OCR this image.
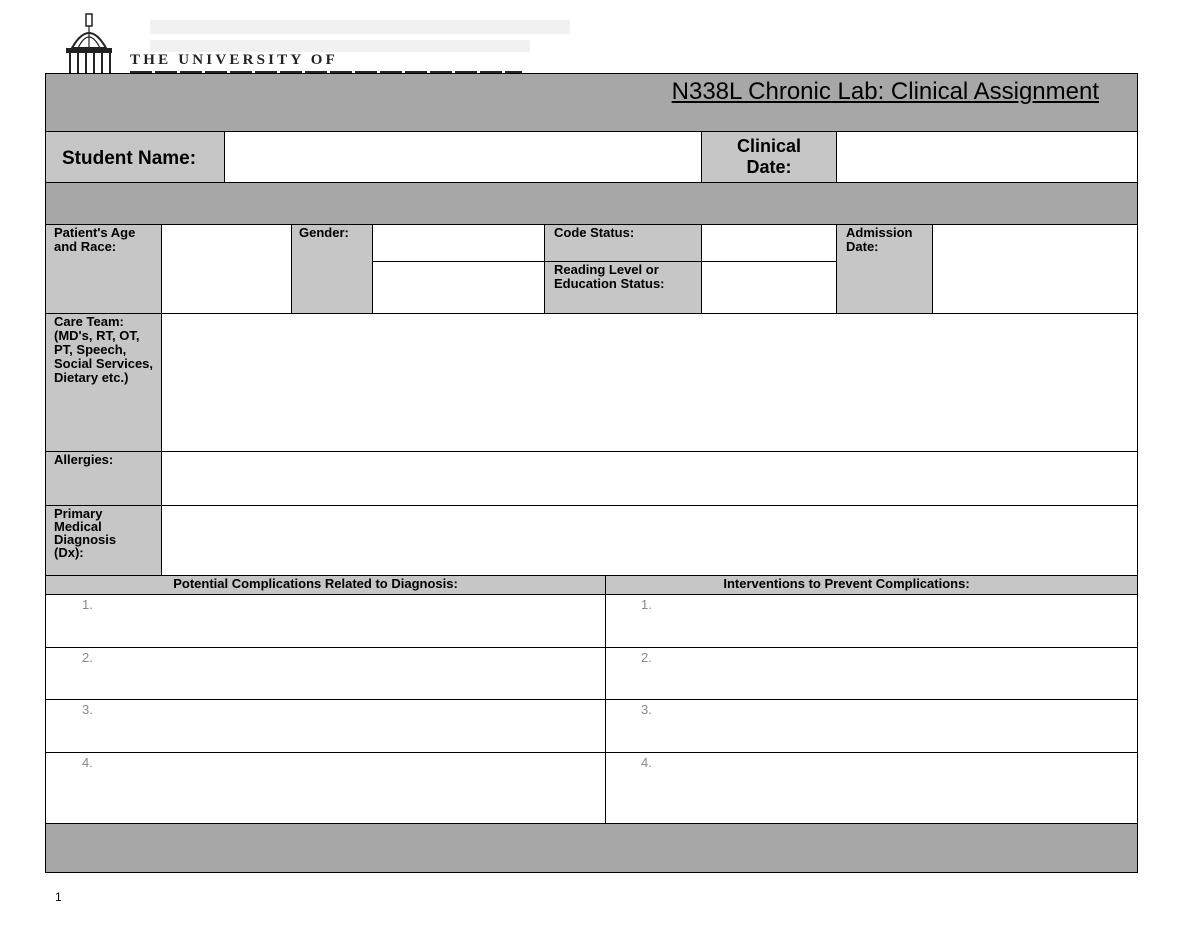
THE UNIVERSITY OF
N338L Chronic Lab: Clinical Assignment
Student Name:
Clinical Date:
Patient's Age and Race:
Gender:	Code Status:
Reading Level or Education Status:
Admission Date:
Care Team: (MD's, RT, OT, PT, Speech, Social Services, Dietary etc.)
Allergies:
Primary Medical Diagnosis (Dx):
Potential Complications Related to Diagnosis:	Interventions to Prevent Complications:
1.	1.
2.	2.
3.	3.
4.	4.
1
